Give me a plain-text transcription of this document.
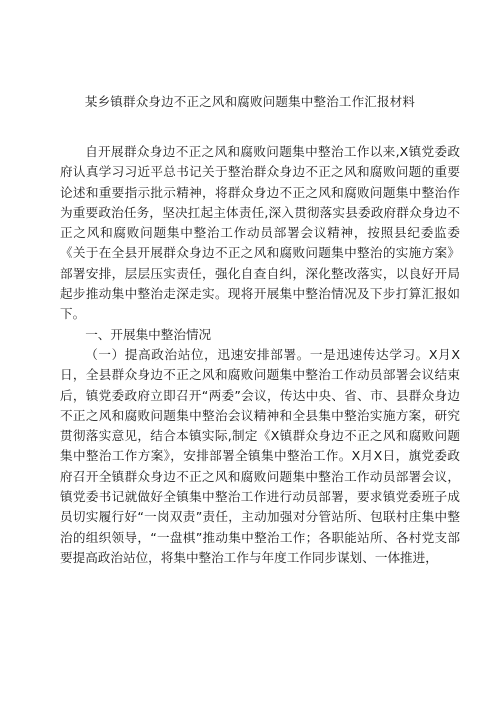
某乡镇群众身边不正之风和腐败问题集中整治工作汇报材料

自开展群众身边不正之风和腐败问题集中整治工作以来,X镇党委政府认真学习习近平总书记关于整治群众身边不正之风和腐败问题的重要论述和重要指示批示精神，将群众身边不正之风和腐败问题集中整治作为重要政治任务，坚决扛起主体责任,深入贯彻落实县委政府群众身边不正之风和腐败问题集中整治工作动员部署会议精神，按照县纪委监委《关于在全县开展群众身边不正之风和腐败问题集中整治的实施方案》部署安排，层层压实责任，强化自查自纠，深化整改落实，以良好开局起步推动集中整治走深走实。现将开展集中整治情况及下步打算汇报如下。

一、开展集中整治情况

（一）提高政治站位，迅速安排部署。一是迅速传达学习。X月X日，全县群众身边不正之风和腐败问题集中整治工作动员部署会议结束后，镇党委政府立即召开“两委”会议，传达中央、省、市、县群众身边不正之风和腐败问题集中整治会议精神和全县集中整治实施方案，研究贯彻落实意见，结合本镇实际,制定《X镇群众身边不正之风和腐败问题集中整治工作方案》，安排部署全镇集中整治工作。X月X日，旗党委政府召开全镇群众身边不正之风和腐败问题集中整治工作动员部署会议，镇党委书记就做好全镇集中整治工作进行动员部署，要求镇党委班子成员切实履行好“一岗双责”责任，主动加强对分管站所、包联村庄集中整治的组织领导，“一盘棋”推动集中整治工作；各职能站所、各村党支部要提高政治站位，将集中整治工作与年度工作同步谋划、一体推进，
